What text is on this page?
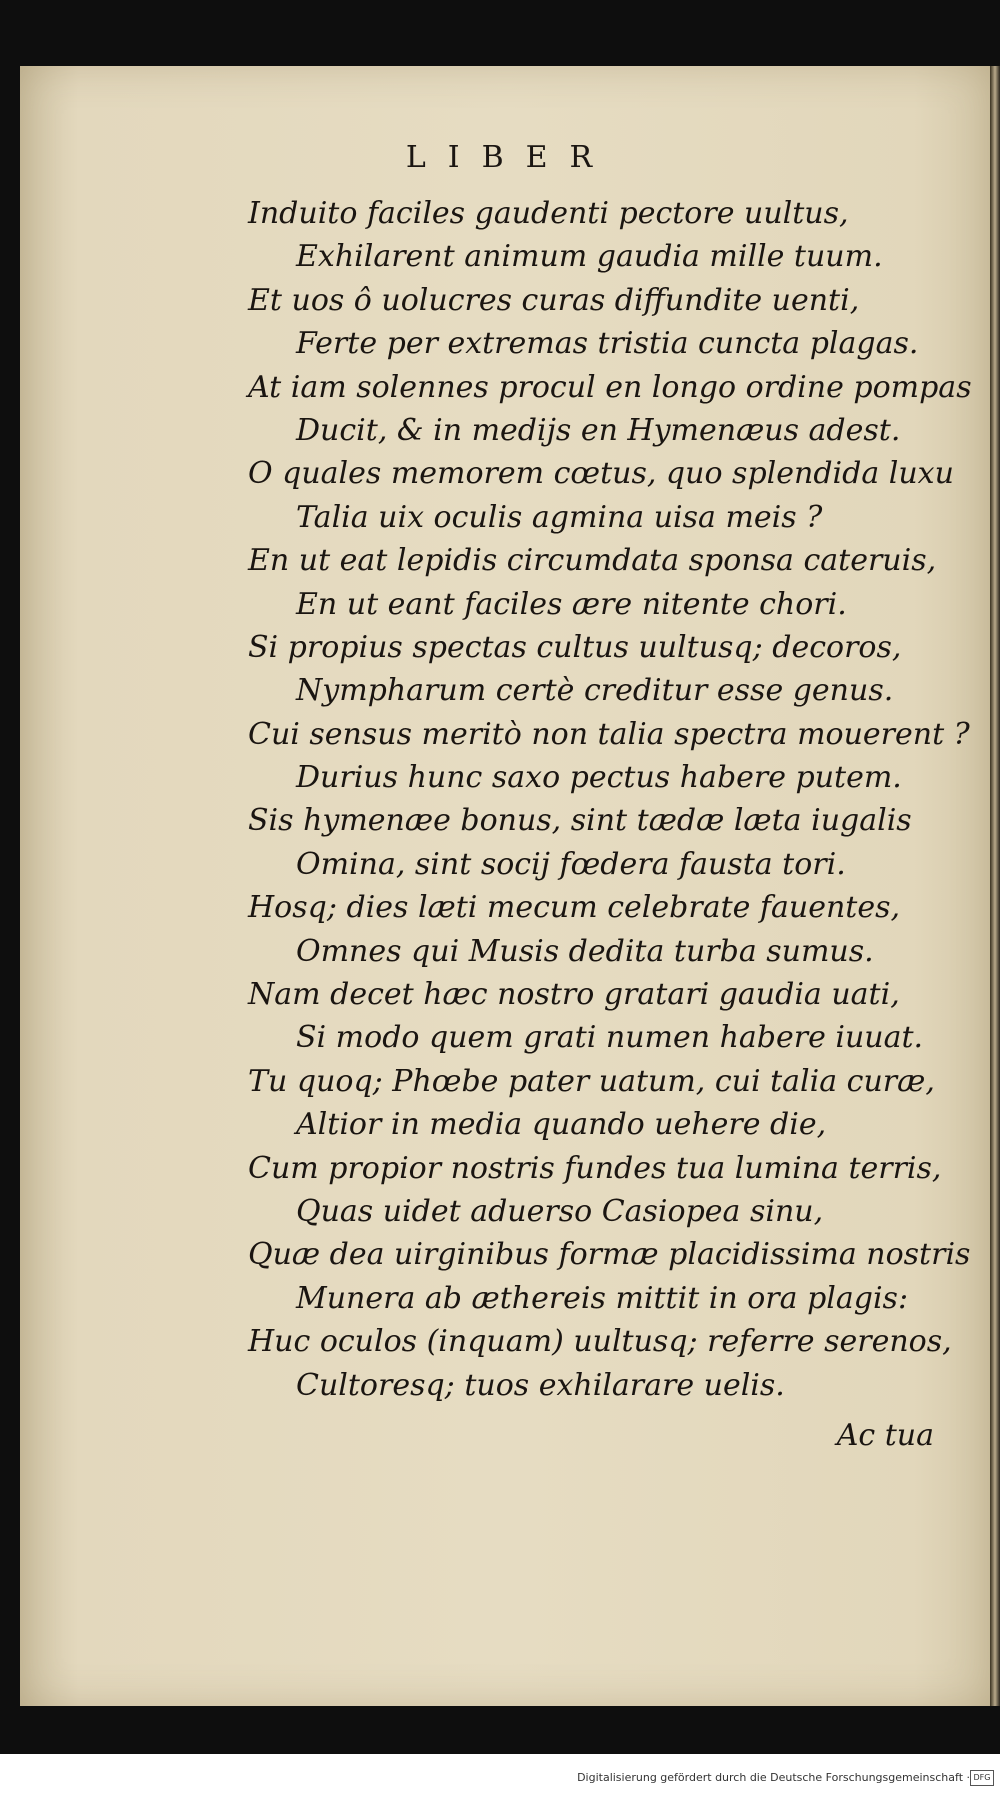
LIBER
Induito faciles gaudenti pectore uultus,
Exhilarent animum gaudia mille tuum.
Et uos ô uolucres curas diffundite uenti,
Ferte per extremas tristia cuncta plagas.
At iam solennes procul en longo ordine pompas
Ducit, & in medijs en Hymenæus adest.
O quales memorem cœtus, quo splendida luxu
Talia uix oculis agmina uisa meis ?
En ut eat lepidis circumdata sponsa cateruis,
En ut eant faciles ære nitente chori.
Si propius spectas cultus uultusq; decoros,
Nympharum certè creditur esse genus.
Cui sensus meritò non talia spectra mouerent ?
Durius hunc saxo pectus habere putem.
Sis hymenæe bonus, sint tædæ læta iugalis
Omina, sint socij fœdera fausta tori.
Hosq; dies læti mecum celebrate fauentes,
Omnes qui Musis dedita turba sumus.
Nam decet hæc nostro gratari gaudia uati,
Si modo quem grati numen habere iuuat.
Tu quoq; Phœbe pater uatum, cui talia curæ,
Altior in media quando uehere die,
Cum propior nostris fundes tua lumina terris,
Quas uidet aduerso Casiopea sinu,
Quæ dea uirginibus formæ placidissima nostris
Munera ab æthereis mittit in ora plagis:
Huc oculos (inquam) uultusq; referre serenos,
Cultoresq; tuos exhilarare uelis.
Ac tua
Digitalisierung gefördert durch die Deutsche Forschungsgemeinschaft · DFG
